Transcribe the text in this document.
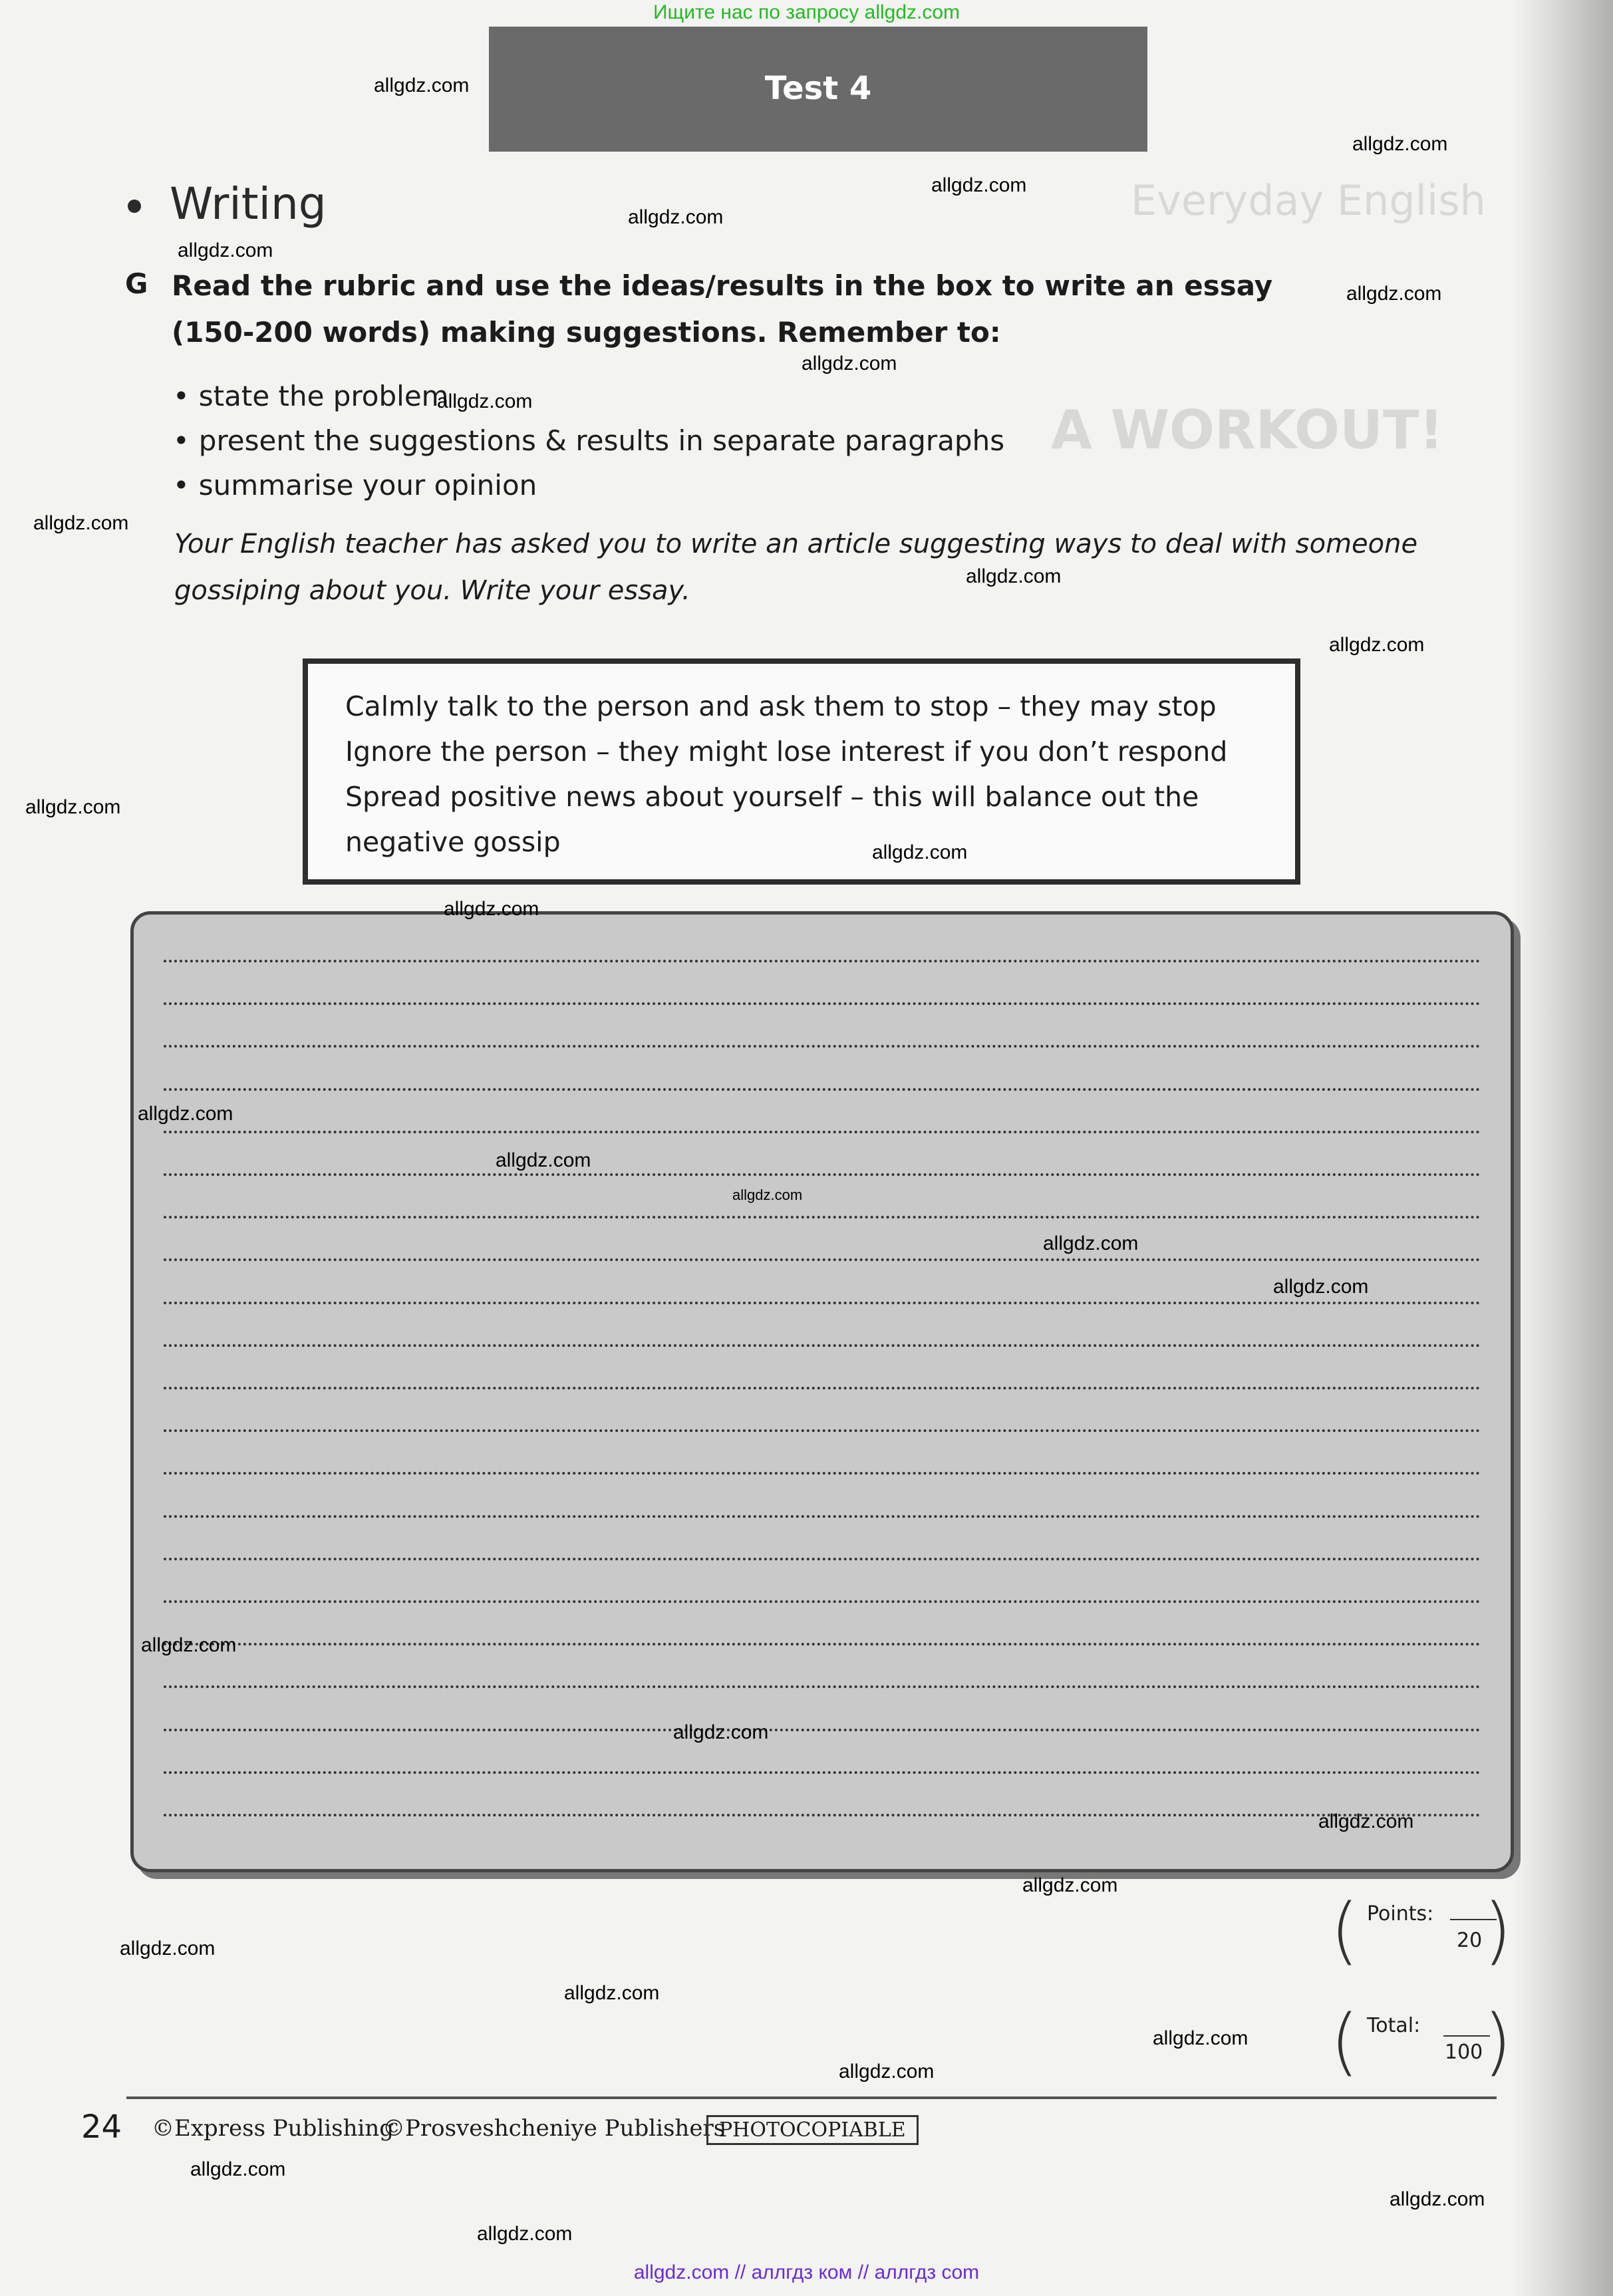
Everyday English
A WORKOUT!
Ищите нас по запросу allgdz.com
Test 4
Writing
G Read the rubric and use the ideas/results in the box to write an essay (150-200 words) making suggestions. Remember to:
• state the problem
• present the suggestions & results in separate paragraphs
• summarise your opinion
Your English teacher has asked you to write an article suggesting ways to deal with someone gossiping about you. Write your essay.
Calmly talk to the person and ask them to stop – they may stop
Ignore the person – they might lose interest if you don’t respond
Spread positive news about yourself – this will balance out the negative gossip
( Points:
20 )
( Total:
100 )
24 ©Express Publishing
©Prosveshcheniye Publishers
PHOTOCOPIABLE
allgdz.com
allgdz.com
allgdz.com
allgdz.com
allgdz.com
allgdz.com
allgdz.com
allgdz.com
allgdz.com
allgdz.com
allgdz.com
allgdz.com
allgdz.com
allgdz.com
allgdz.com
allgdz.com
allgdz.com
allgdz.com
allgdz.com
allgdz.com
allgdz.com
allgdz.com
allgdz.com
allgdz.com
allgdz.com
allgdz.com
allgdz.com
allgdz.com
allgdz.com
allgdz.com
allgdz.com // аллгдз ком // аллгдз com
